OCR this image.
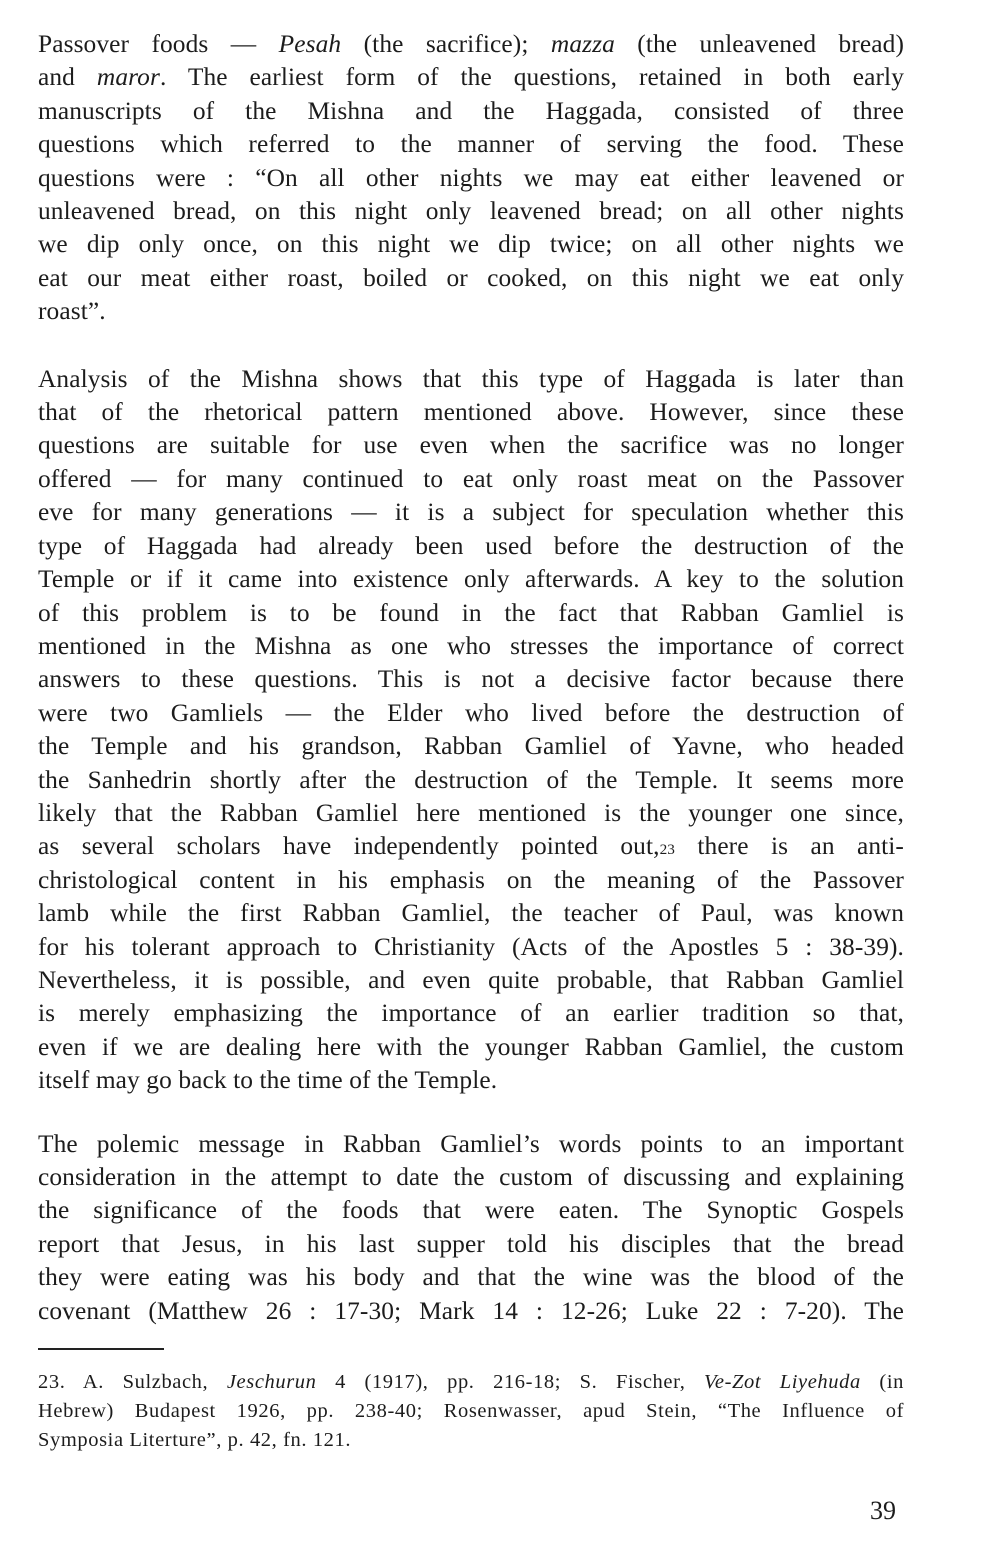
Passover foods — Pesah (the sacrifice); mazza (the unleavened bread)
and maror. The earliest form of the questions, retained in both early
manuscripts of the Mishna and the Haggada, consisted of three
questions which referred to the manner of serving the food. These
questions were : “On all other nights we may eat either leavened or
unleavened bread, on this night only leavened bread; on all other nights
we dip only once, on this night we dip twice; on all other nights we
eat our meat either roast, boiled or cooked, on this night we eat only
roast”.
Analysis of the Mishna shows that this type of Haggada is later than
that of the rhetorical pattern mentioned above. However, since these
questions are suitable for use even when the sacrifice was no longer
offered — for many continued to eat only roast meat on the Passover
eve for many generations — it is a subject for speculation whether this
type of Haggada had already been used before the destruction of the
Temple or if it came into existence only afterwards. A key to the solution
of this problem is to be found in the fact that Rabban Gamliel is
mentioned in the Mishna as one who stresses the importance of correct
answers to these questions. This is not a decisive factor because there
were two Gamliels — the Elder who lived before the destruction of
the Temple and his grandson, Rabban Gamliel of Yavne, who headed
the Sanhedrin shortly after the destruction of the Temple. It seems more
likely that the Rabban Gamliel here mentioned is the younger one since,
as several scholars have independently pointed out,$^{23}$ there is an anti-
christological content in his emphasis on the meaning of the Passover
lamb while the first Rabban Gamliel, the teacher of Paul, was known
for his tolerant approach to Christianity (Acts of the Apostles 5 : 38-39).
Nevertheless, it is possible, and even quite probable, that Rabban Gamliel
is merely emphasizing the importance of an earlier tradition so that,
even if we are dealing here with the younger Rabban Gamliel, the custom
itself may go back to the time of the Temple.
The polemic message in Rabban Gamliel’s words points to an important
consideration in the attempt to date the custom of discussing and explaining
the significance of the foods that were eaten. The Synoptic Gospels
report that Jesus, in his last supper told his disciples that the bread
they were eating was his body and that the wine was the blood of the
covenant (Matthew 26 : 17-30; Mark 14 : 12-26; Luke 22 : 7-20). The
23. A. Sulzbach, Jeschurun 4 (1917), pp. 216-18; S. Fischer, Ve-Zot Liyehuda (in
Hebrew) Budapest 1926, pp. 238-40; Rosenwasser, apud Stein, “The Influence of
Symposia Literture”, p. 42, fn. 121.
39
